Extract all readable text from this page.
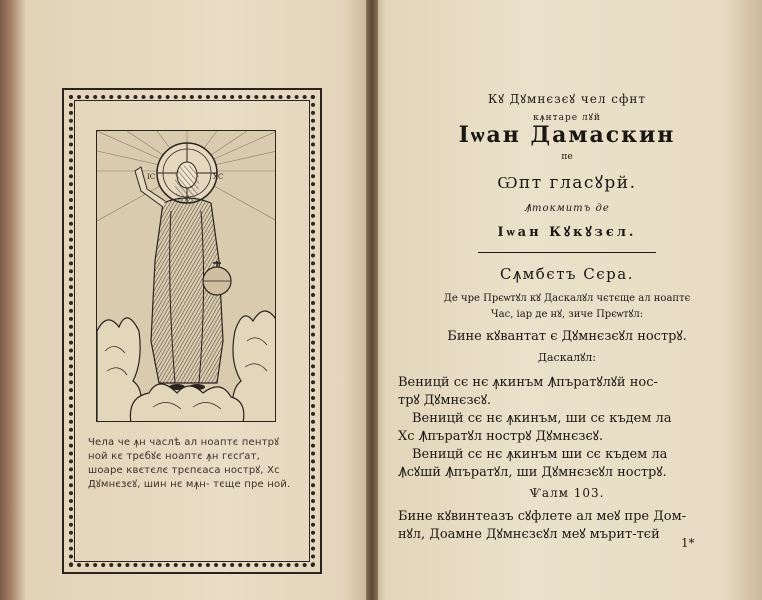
ІС	ХС
Чела че ꙟн часлѣ ал ноаптє пентрꙋ ной кє трєбꙋє ноаптє ꙟн гєсґат, шоаре квєтєлє трєпєаса нострꙋ, Хс Дꙋмнєзєꙋ, шин нє мꙟн- тєще пре ной.
Кꙋ Дꙋмнєзєꙋ чел сфнт
кꙟнтаре лꙋй
Іѡан Дамаскин
пе
Ѡпт гласꙋрй.
Ꙟтокмитъ де
Іѡан Кꙋкꙋзєл.
Сꙟмбєтъ Сєра.
Де чре Прєѡтꙋл кꙋ Даскалꙋл чєтєще ал ноаптє
Час, іар де нꙋ, зиче Прєѡтꙋл:
Бине кꙋвантат є Дꙋмнєзєꙋл нострꙋ.
Даскалꙋл:
Веницй сє нє ꙟкинъм Ꙟпъратꙋлꙋй нос-
трꙋ Дꙋмнєзєꙋ.
Веницй сє нє ꙟкинъм, ши сє къдем ла
Хс Ꙟпъратꙋл нострꙋ Дꙋмнєзєꙋ.
Веницй сє нє ꙟкинъм ши сє къдем ла
Ꙟсꙋшй Ꙟпъратꙋл, ши Дꙋмнєзєꙋл нострꙋ.
Ѱалм 103.
Бине кꙋвинтеазъ сꙋфлете ал меꙋ пре Дом-
нꙋл, Доамне Дꙋмнєзєꙋл меꙋ мърит-тєй
1*
